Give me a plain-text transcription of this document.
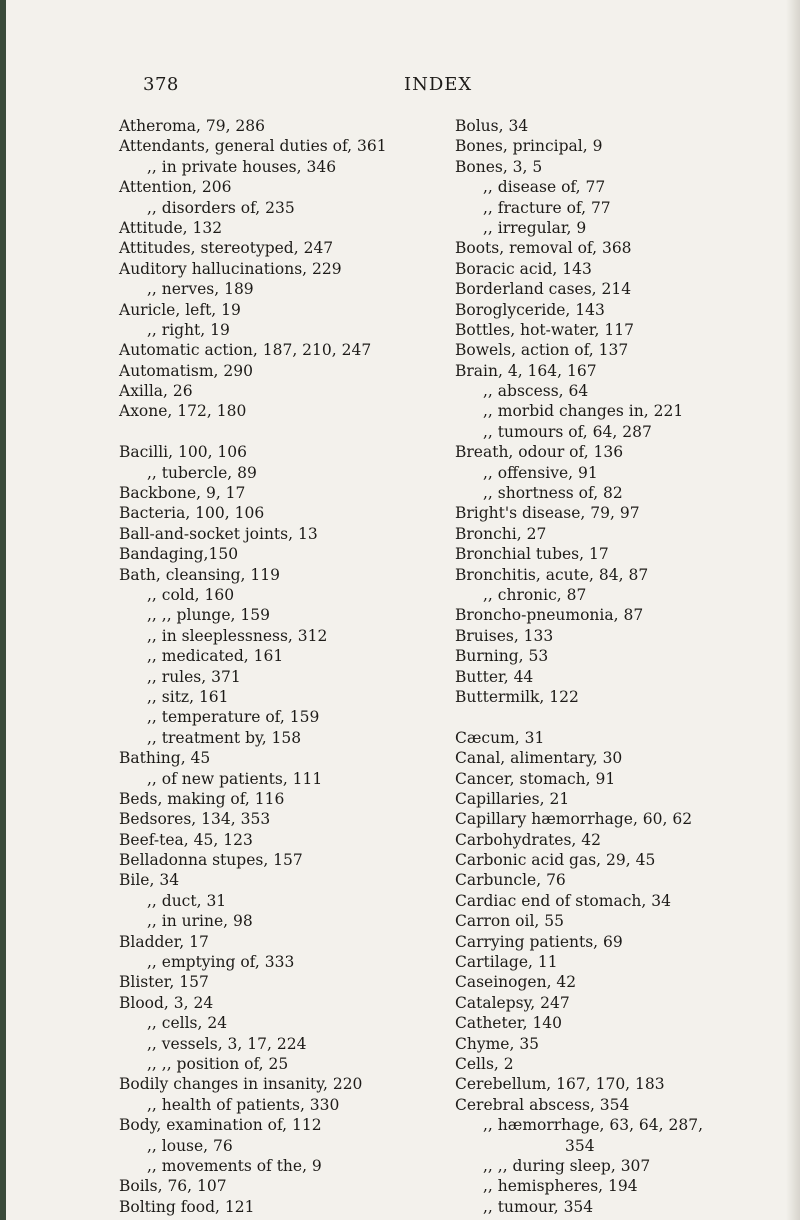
378	INDEX
Atheroma, 79, 286
Attendants, general duties of, 361
,, in private houses, 346
Attention, 206
,, disorders of, 235
Attitude, 132
Attitudes, stereotyped, 247
Auditory hallucinations, 229
,, nerves, 189
Auricle, left, 19
,, right, 19
Automatic action, 187, 210, 247
Automatism, 290
Axilla, 26
Axone, 172, 180
Bacilli, 100, 106
,, tubercle, 89
Backbone, 9, 17
Bacteria, 100, 106
Ball-and-socket joints, 13
Bandaging,150
Bath, cleansing, 119
,, cold, 160
,, ,, plunge, 159
,, in sleeplessness, 312
,, medicated, 161
,, rules, 371
,, sitz, 161
,, temperature of, 159
,, treatment by, 158
Bathing, 45
,, of new patients, 111
Beds, making of, 116
Bedsores, 134, 353
Beef-tea, 45, 123
Belladonna stupes, 157
Bile, 34
,, duct, 31
,, in urine, 98
Bladder, 17
,, emptying of, 333
Blister, 157
Blood, 3, 24
,, cells, 24
,, vessels, 3, 17, 224
,, ,, position of, 25
Bodily changes in insanity, 220
,, health of patients, 330
Body, examination of, 112
,, louse, 76
,, movements of the, 9
Boils, 76, 107
Bolting food, 121
Bolus, 34
Bones, principal, 9
Bones, 3, 5
,, disease of, 77
,, fracture of, 77
,, irregular, 9
Boots, removal of, 368
Boracic acid, 143
Borderland cases, 214
Boroglyceride, 143
Bottles, hot-water, 117
Bowels, action of, 137
Brain, 4, 164, 167
,, abscess, 64
,, morbid changes in, 221
,, tumours of, 64, 287
Breath, odour of, 136
,, offensive, 91
,, shortness of, 82
Bright's disease, 79, 97
Bronchi, 27
Bronchial tubes, 17
Bronchitis, acute, 84, 87
,, chronic, 87
Broncho-pneumonia, 87
Bruises, 133
Burning, 53
Butter, 44
Buttermilk, 122
Cæcum, 31
Canal, alimentary, 30
Cancer, stomach, 91
Capillaries, 21
Capillary hæmorrhage, 60, 62
Carbohydrates, 42
Carbonic acid gas, 29, 45
Carbuncle, 76
Cardiac end of stomach, 34
Carron oil, 55
Carrying patients, 69
Cartilage, 11
Caseinogen, 42
Catalepsy, 247
Catheter, 140
Chyme, 35
Cells, 2
Cerebellum, 167, 170, 183
Cerebral abscess, 354
,, hæmorrhage, 63, 64, 287,
354
,, ,, during sleep, 307
,, hemispheres, 194
,, tumour, 354
